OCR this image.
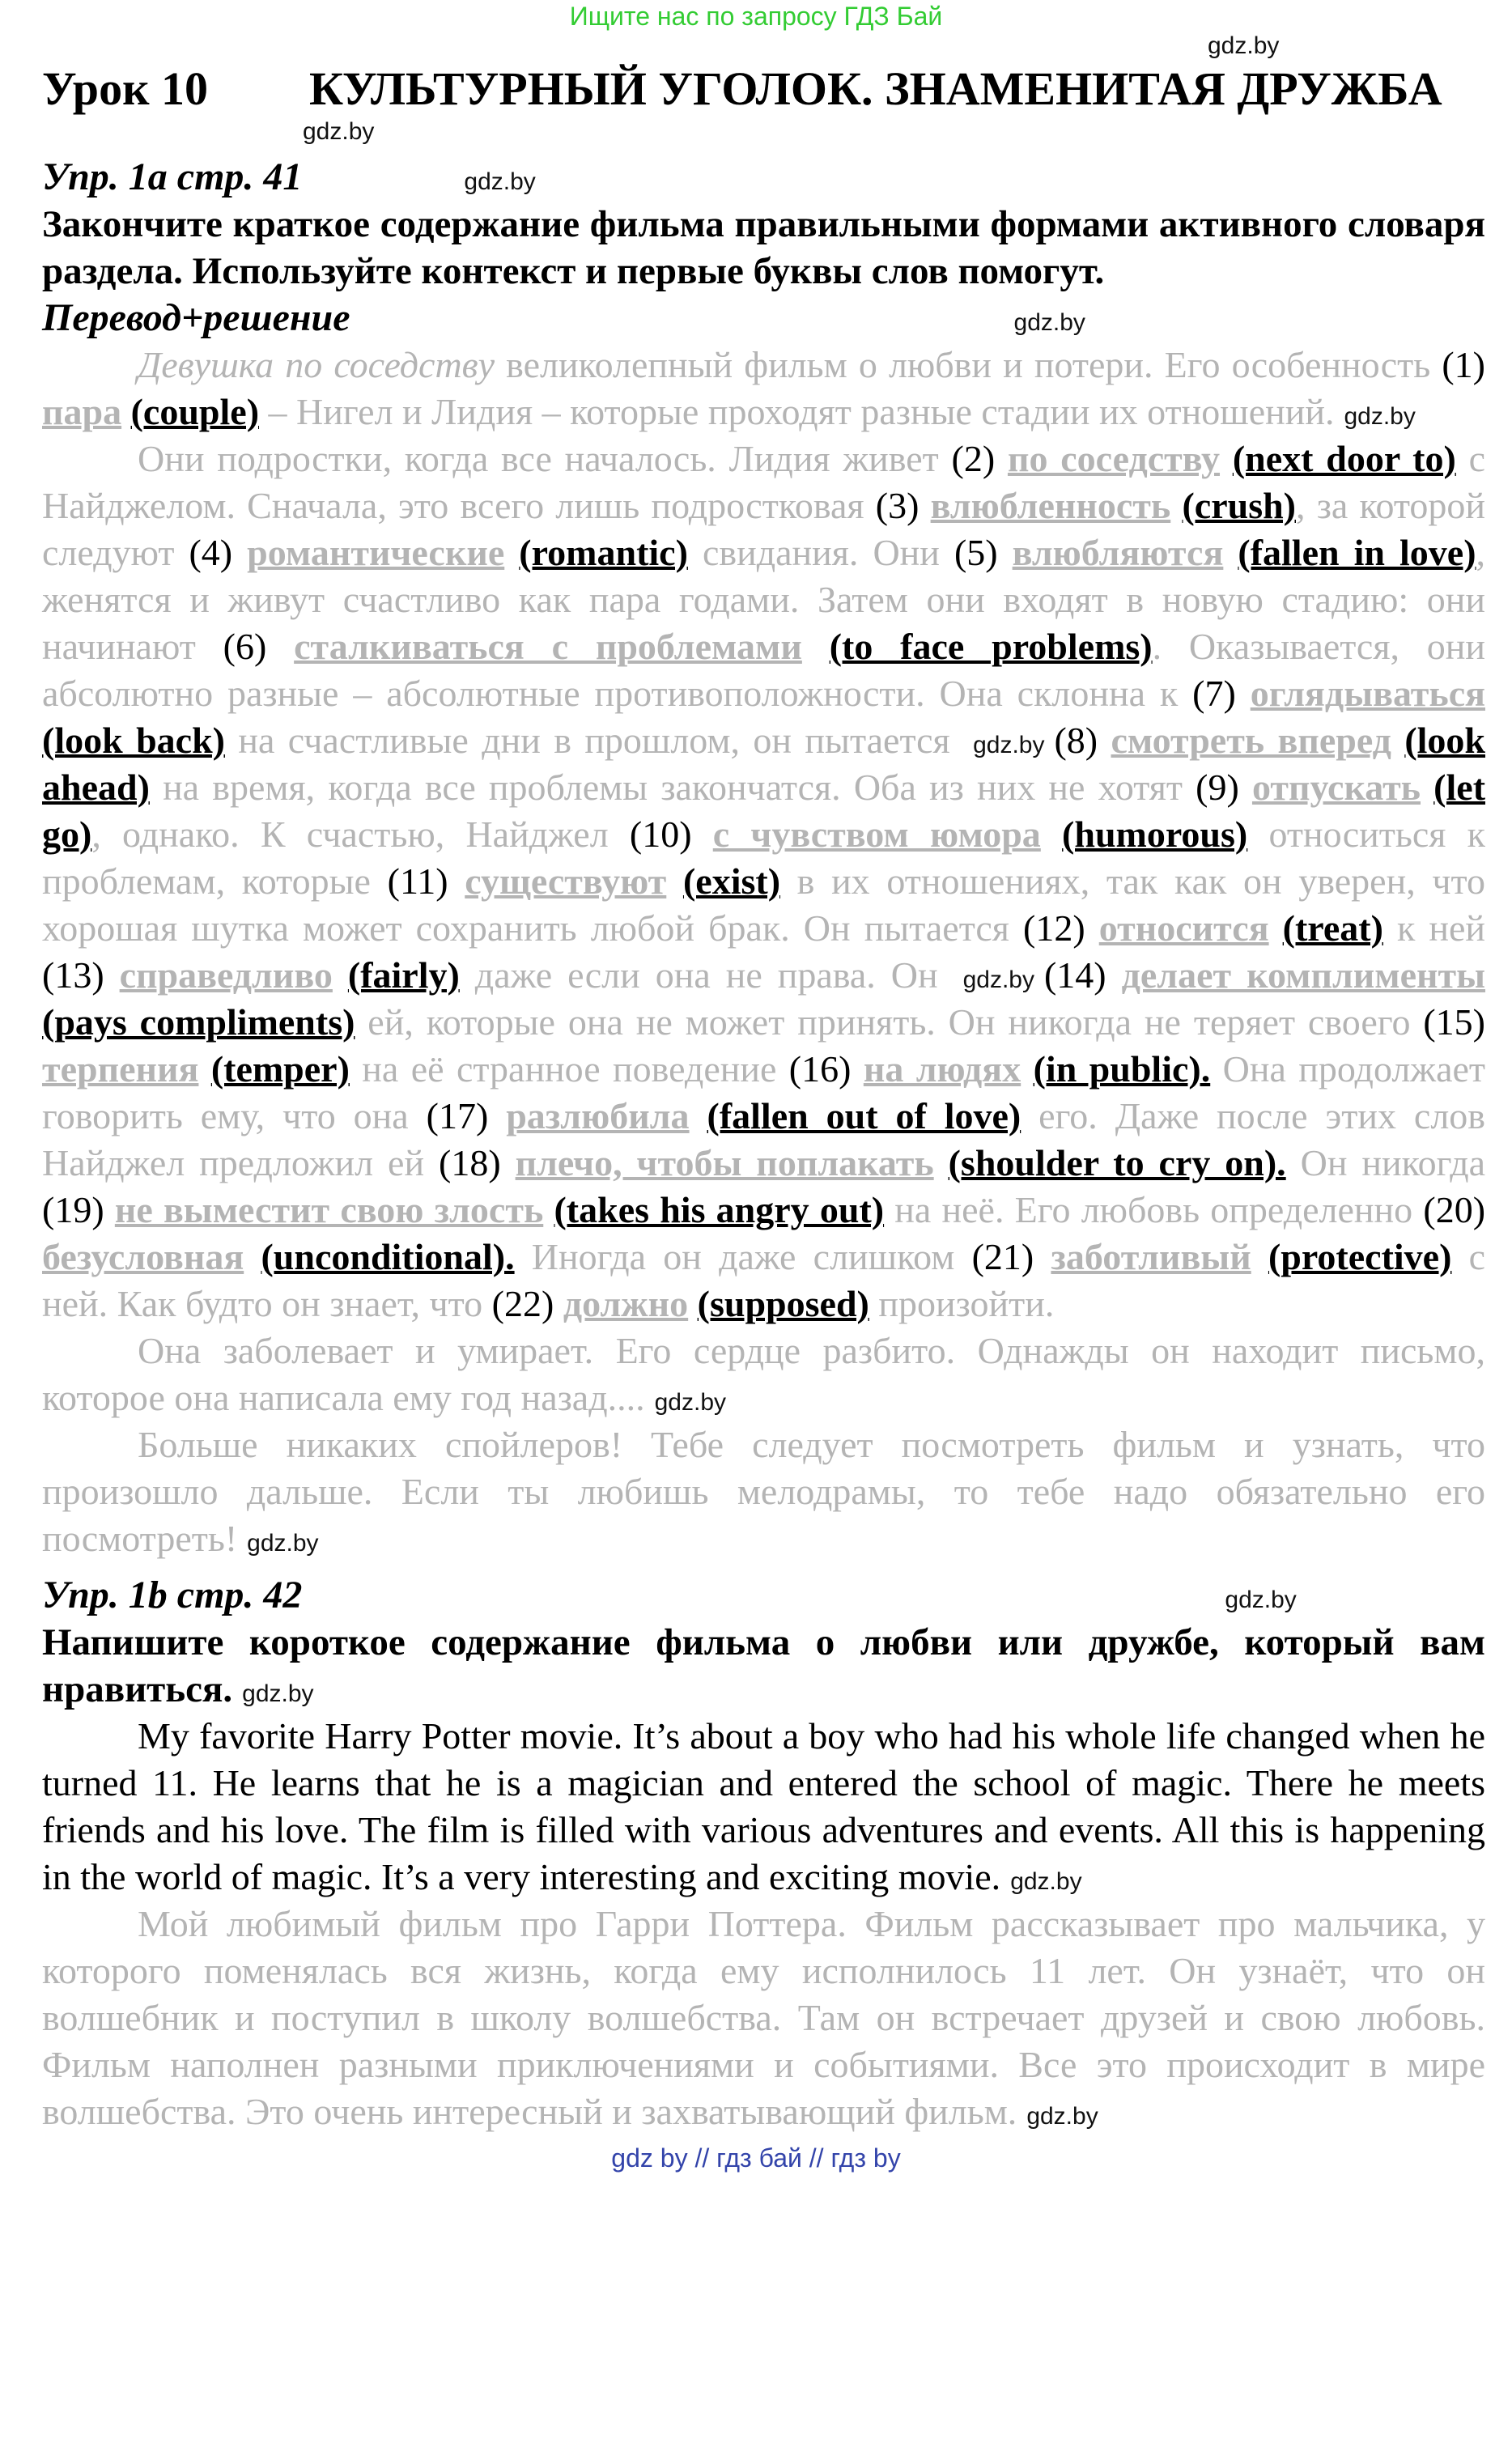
Ищите нас по запросу ГДЗ Бай
gdz.by
Урок 10	КУЛЬТУРНЫЙ УГОЛОК. ЗНАМЕНИТАЯ ДРУЖБА
gdz.by
Упр. 1a стр. 41	gdz.by
Закончите краткое содержание фильма правильными формами активного словаря раздела. Используйте контекст и первые буквы слов помогут.
Перевод+решение	gdz.by

Девушка по соседству великолепный фильм о любви и потери. Его особенность (1) пара (couple) – Нигел и Лидия – которые проходят разные стадии их отношений. gdz.by

Они подростки, когда все началось. Лидия живет (2) по соседству (next door to) с Найджелом. Сначала, это всего лишь подростковая (3) влюбленность (crush), за которой следуют (4) романтические (romantic) свидания. Они (5) влюбляются (fallen in love), женятся и живут счастливо как пара годами. Затем они входят в новую стадию: они начинают (6) сталкиваться с проблемами (to face problems). Оказывается, они абсолютно разные – абсолютные противоположности. Она склонна к (7) оглядываться (look back) на счастливые дни в прошлом, он пытается gdz.by (8) смотреть вперед (look ahead) на время, когда все проблемы закончатся. Оба из них не хотят (9) отпускать (let go), однако. К счастью, Найджел (10) с чувством юмора (humorous) относиться к проблемам, которые (11) существуют (exist) в их отношениях, так как он уверен, что хорошая шутка может сохранить любой брак. Он пытается (12) относится (treat) к ней (13) справедливо (fairly) даже если она не права. Он gdz.by (14) делает комплименты (pays compliments) ей, которые она не может принять. Он никогда не теряет своего (15) терпения (temper) на её странное поведение (16) на людях (in public). Она продолжает говорить ему, что она (17) разлюбила (fallen out of love) его. Даже после этих слов Найджел предложил ей (18) плечо, чтобы поплакать (shoulder to cry on). Он никогда (19) не выместит свою злость (takes his angry out) на неё. Его любовь определенно (20) безусловная (unconditional). Иногда он даже слишком (21) заботливый (protective) с ней. Как будто он знает, что (22) должно (supposed) произойти.

Она заболевает и умирает. Его сердце разбито. Однажды он находит письмо, которое она написала ему год назад.... gdz.by

Больше никаких спойлеров! Тебе следует посмотреть фильм и узнать, что произошло дальше. Если ты любишь мелодрамы, то тебе надо обязательно его посмотреть! gdz.by

Упр. 1b стр. 42	gdz.by
Напишите короткое содержание фильма о любви или дружбе, который вам нравиться. gdz.by

My favorite Harry Potter movie. It’s about a boy who had his whole life changed when he turned 11. He learns that he is a magician and entered the school of magic. There he meets friends and his love. The film is filled with various adventures and events. All this is happening in the world of magic. It’s a very interesting and exciting movie. gdz.by

Мой любимый фильм про Гарри Поттера. Фильм рассказывает про мальчика, у которого поменялась вся жизнь, когда ему исполнилось 11 лет. Он узнаёт, что он волшебник и поступил в школу волшебства. Там он встречает друзей и свою любовь. Фильм наполнен разными приключениями и событиями. Все это происходит в мире волшебства. Это очень интересный и захватывающий фильм. gdz.by

gdz by // гдз бай // гдз by
